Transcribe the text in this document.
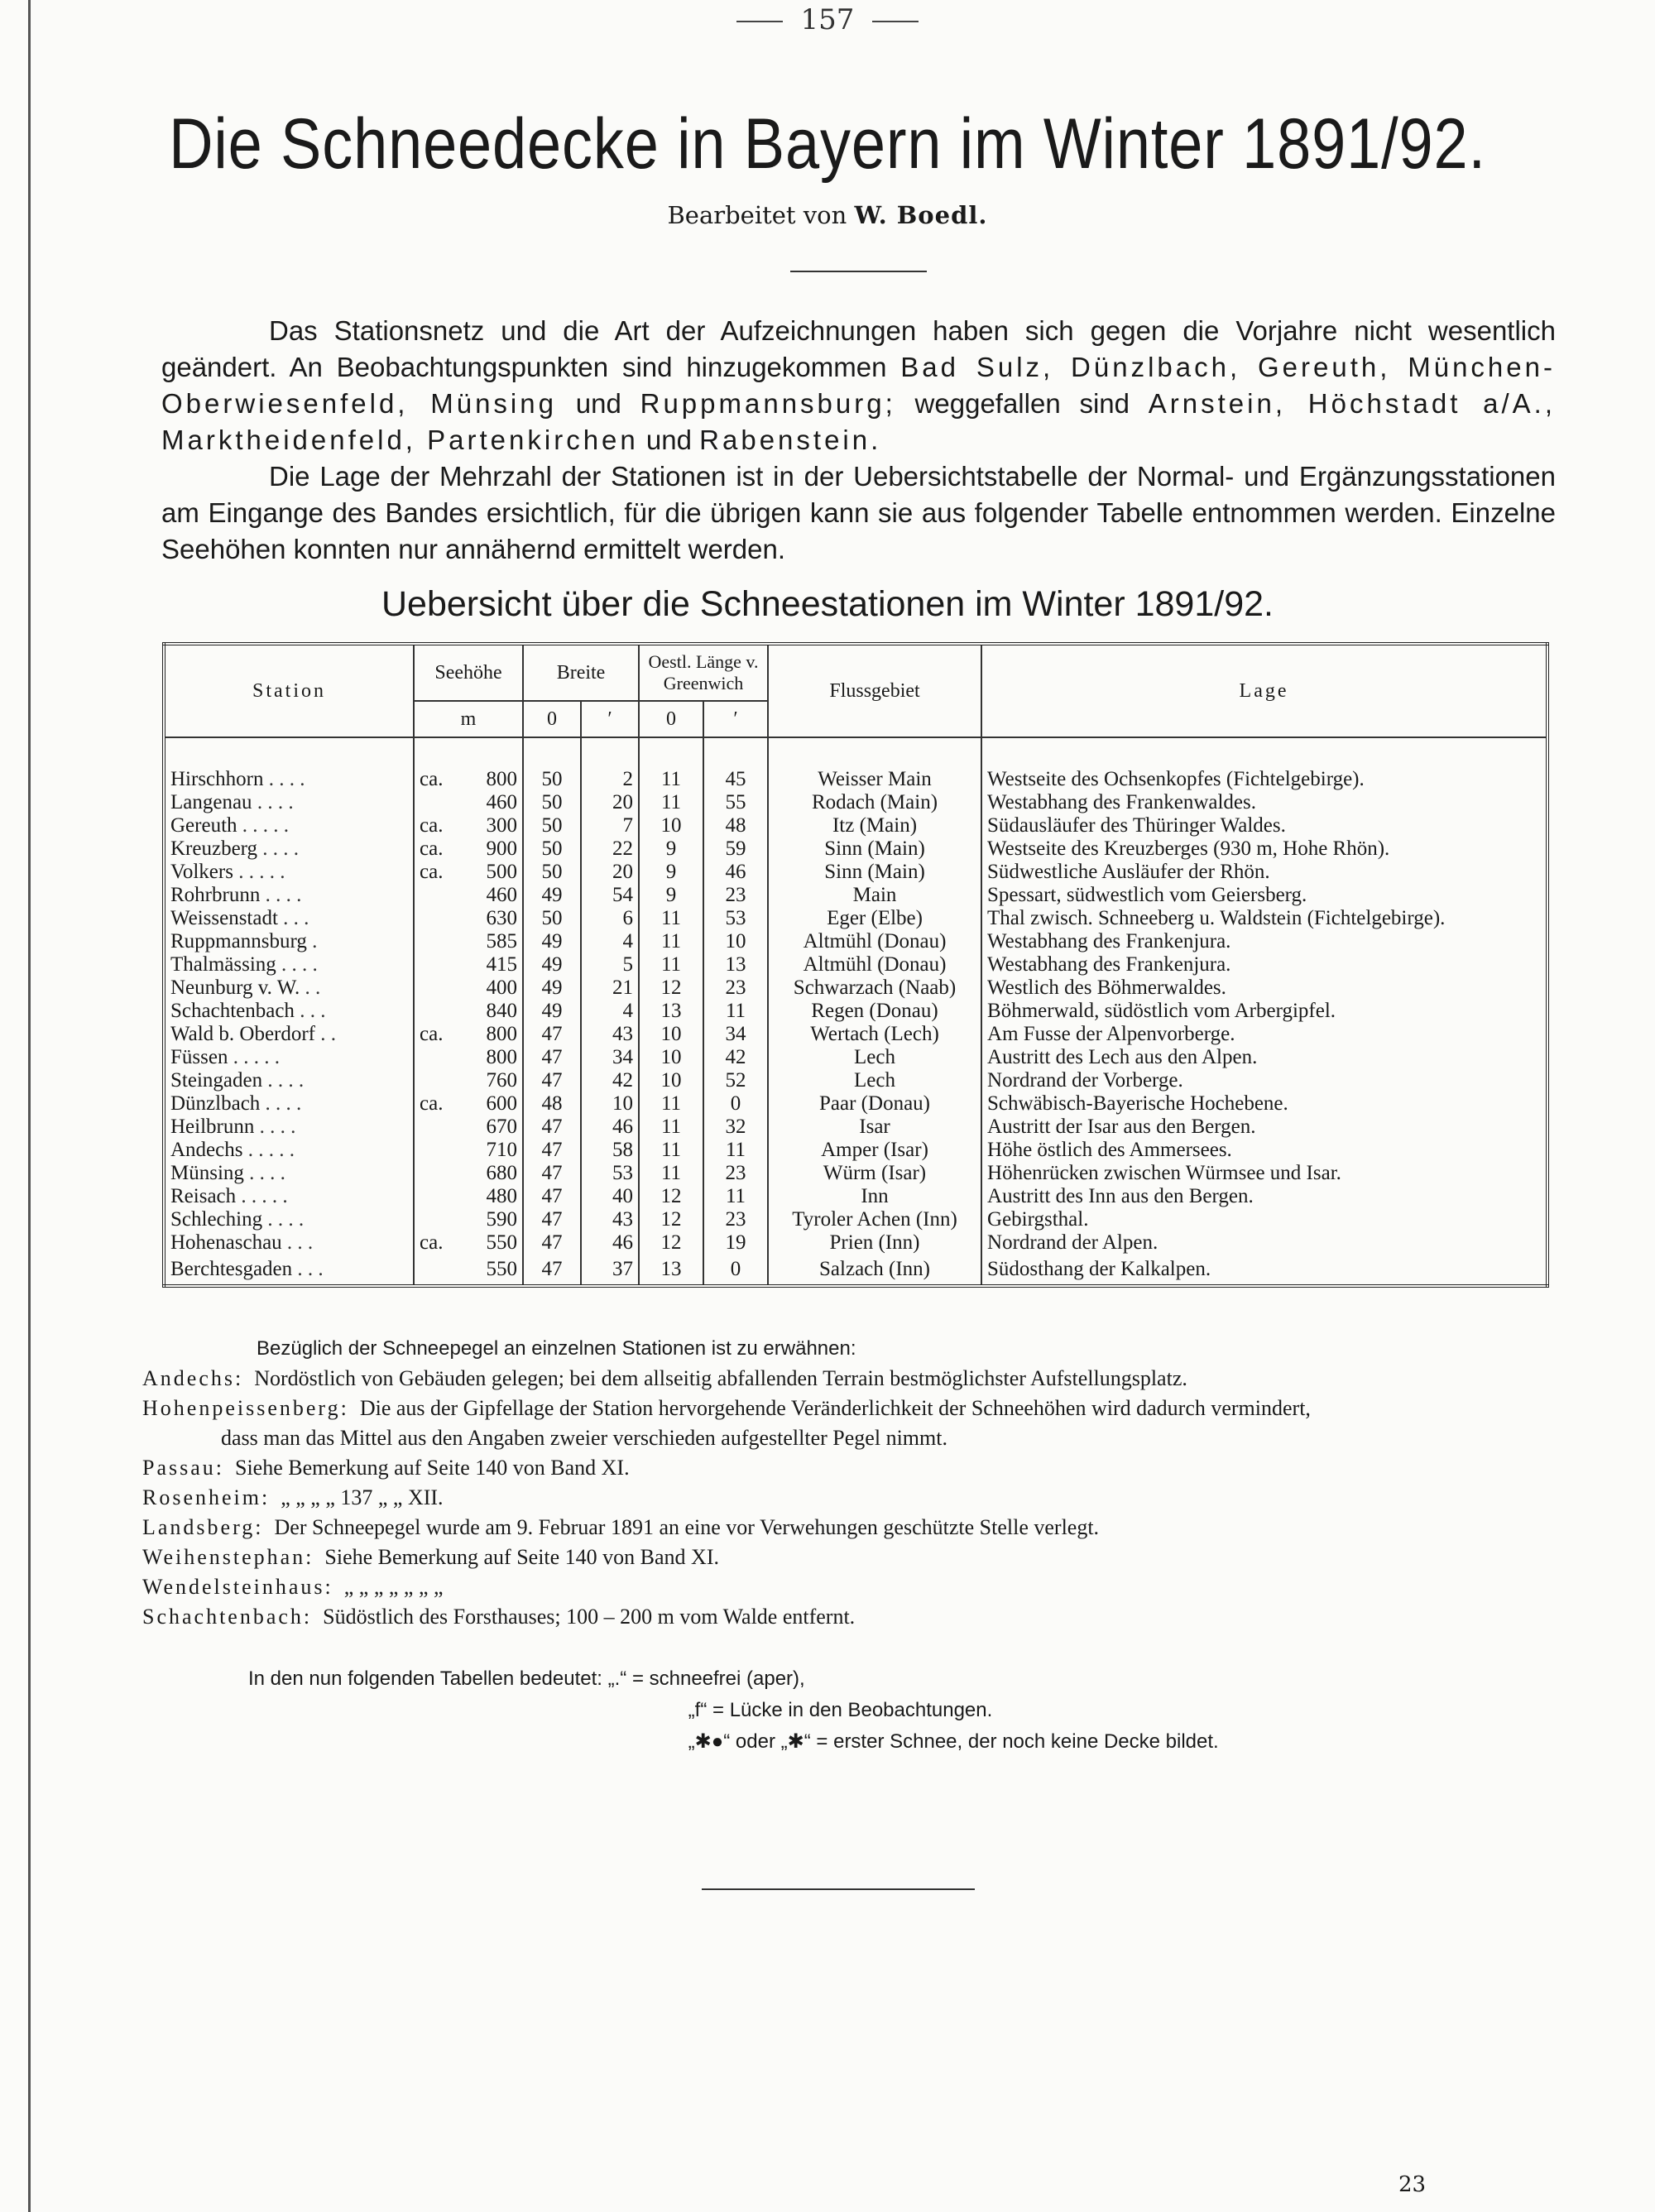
157
Die Schneedecke in Bayern im Winter 1891/92.
Bearbeitet von W. Boedl.

Das Stationsnetz und die Art der Aufzeichnungen haben sich gegen die Vorjahre nicht wesentlich geändert. An Beobachtungspunkten sind hinzugekommen Bad Sulz, Dünzlbach, Gereuth, München-Oberwiesenfeld, Münsing und Ruppmannsburg; weggefallen sind Arnstein, Höchstadt a/A., Marktheidenfeld, Partenkirchen und Rabenstein.

Die Lage der Mehrzahl der Stationen ist in der Uebersichtstabelle der Normal- und Ergänzungsstationen am Eingange des Bandes ersichtlich, für die übrigen kann sie aus folgender Tabelle entnommen werden. Einzelne Seehöhen konnten nur annähernd ermittelt werden.

Uebersicht über die Schneestationen im Winter 1891/92.
Station	Seehöhe	Breite		Oestl. Länge v. Greenwich		Flussgebiet	Lage
	m	0	′	0	′		

Hirschhorn . . . .	ca. 800	50	2	11	45	Weisser Main	Westseite des Ochsenkopfes (Fichtelgebirge).
Langenau . . . .	460	50	20	11	55	Rodach (Main)	Westabhang des Frankenwaldes.
Gereuth . . . . .	ca. 300	50	7	10	48	Itz (Main)	Südausläufer des Thüringer Waldes.
Kreuzberg . . . .	ca. 900	50	22	9	59	Sinn (Main)	Westseite des Kreuzberges (930 m, Hohe Rhön).
Volkers . . . . .	ca. 500	50	20	9	46	Sinn (Main)	Südwestliche Ausläufer der Rhön.
Rohrbrunn . . . .	460	49	54	9	23	Main	Spessart, südwestlich vom Geiersberg.
Weissenstadt . . .	630	50	6	11	53	Eger (Elbe)	Thal zwisch. Schneeberg u. Waldstein (Fichtelgebirge).
Ruppmannsburg .	585	49	4	11	10	Altmühl (Donau)	Westabhang des Frankenjura.
Thalmässing . . . .	415	49	5	11	13	Altmühl (Donau)	Westabhang des Frankenjura.
Neunburg v. W. . .	400	49	21	12	23	Schwarzach (Naab)	Westlich des Böhmerwaldes.
Schachtenbach . . .	840	49	4	13	11	Regen (Donau)	Böhmerwald, südöstlich vom Arbergipfel.
Wald b. Oberdorf . .	ca. 800	47	43	10	34	Wertach (Lech)	Am Fusse der Alpenvorberge.
Füssen . . . . .	800	47	34	10	42	Lech	Austritt des Lech aus den Alpen.
Steingaden . . . .	760	47	42	10	52	Lech	Nordrand der Vorberge.
Dünzlbach . . . .	ca. 600	48	10	11	0	Paar (Donau)	Schwäbisch-Bayerische Hochebene.
Heilbrunn . . . .	670	47	46	11	32	Isar	Austritt der Isar aus den Bergen.
Andechs . . . . .	710	47	58	11	11	Amper (Isar)	Höhe östlich des Ammersees.
Münsing . . . .	680	47	53	11	23	Würm (Isar)	Höhenrücken zwischen Würmsee und Isar.
Reisach . . . . .	480	47	40	12	11	Inn	Austritt des Inn aus den Bergen.
Schleching . . . .	590	47	43	12	23	Tyroler Achen (Inn)	Gebirgsthal.
Hohenaschau . . .	ca. 550	47	46	12	19	Prien (Inn)	Nordrand der Alpen.
Berchtesgaden . . .	550	47	37	13	0	Salzach (Inn)	Südosthang der Kalkalpen.
Bezüglich der Schneepegel an einzelnen Stationen ist zu erwähnen:
Andechs: Nordöstlich von Gebäuden gelegen; bei dem allseitig abfallenden Terrain bestmöglichster Aufstellungsplatz.
Hohenpeissenberg: Die aus der Gipfellage der Station hervorgehende Veränderlichkeit der Schneehöhen wird dadurch vermindert,
dass man das Mittel aus den Angaben zweier verschieden aufgestellter Pegel nimmt.
Passau: Siehe Bemerkung auf Seite 140 von Band XI.
Rosenheim: „ „ „ „ 137 „ „ XII.
Landsberg: Der Schneepegel wurde am 9. Februar 1891 an eine vor Verwehungen geschützte Stelle verlegt.
Weihenstephan: Siehe Bemerkung auf Seite 140 von Band XI.
Wendelsteinhaus: „ „ „ „ „ „ „
Schachtenbach: Südöstlich des Forsthauses; 100 – 200 m vom Walde entfernt.
In den nun folgenden Tabellen bedeutet: „.“ = schneefrei (aper),
„f“ = Lücke in den Beobachtungen.
„✱●“ oder „✱“ = erster Schnee, der noch keine Decke bildet.
23
